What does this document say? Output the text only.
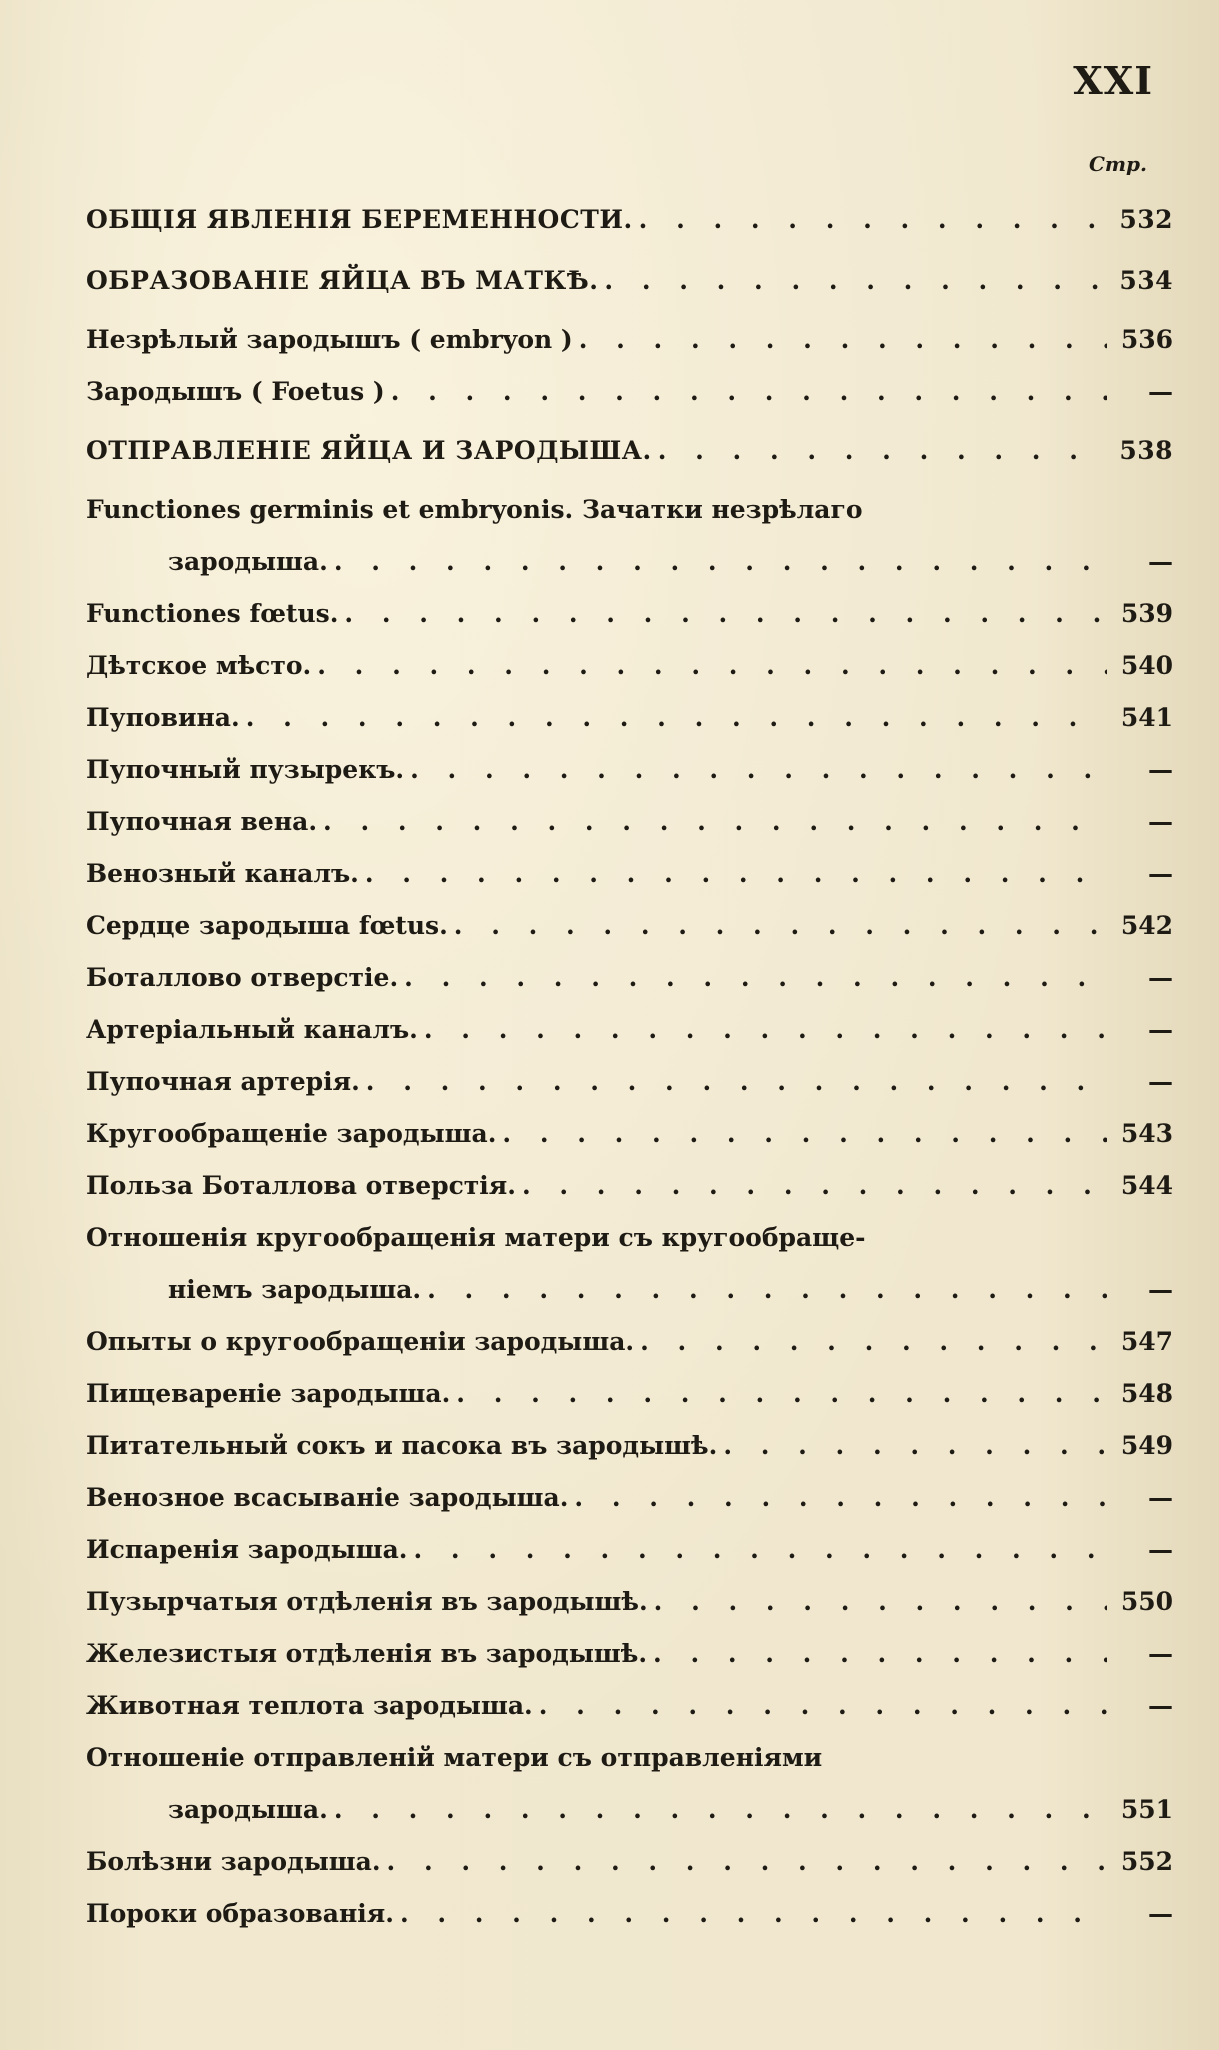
XXI
Стр.
ОБЩIЯ ЯВЛЕНIЯ БЕРЕМЕННОСТИ. . . .	532
ОБРАЗОВАНIЕ ЯЙЦА ВЪ МАТКѢ. . . .	534
Незрѣлый зародышъ ( embryon ) . . .	536
Зародышъ ( Foetus ) . . .	—
ОТПРАВЛЕНIЕ ЯЙЦА И ЗАРОДЫША. . . .	538
Functiones germinis et embryonis. Зачатки незрѣлаго
зародыша. . . .	—
Functiones fœtus. . . .	539
Дѣтское мѣсто. . . .	540
Пуповина. . . .	541
Пупочный пузырекъ. . . .	—
Пупочная вена. . . .	—
Венозный каналъ. . . .	—
Сердце зародыша fœtus. . . .	542
Боталлово отверстiе. . . .	—
Артерiальный каналъ. . . .	—
Пупочная артерiя. . . .	—
Кругообращенiе зародыша. . . .	543
Польза Боталлова отверстiя. . . .	544
Отношенiя кругообращенiя матери съ кругообраще-
нiемъ зародыша. . . .	—
Опыты о кругообращенiи зародыша. . . .	547
Пищеваренiе зародыша. . . .	548
Питательный сокъ и пасока въ зародышѣ. . . .	549
Венозное всасыванiе зародыша. . . .	—
Испаренiя зародыша. . . .	—
Пузырчатыя отдѣленiя въ зародышѣ. . . .	550
Железистыя отдѣленiя въ зародышѣ. . . .	—
Животная теплота зародыша. . . .	—
Отношенiе отправленiй матери съ отправленiями
зародыша. . . .	551
Болѣзни зародыша. . . .	552
Пороки образованiя. . . .	—
